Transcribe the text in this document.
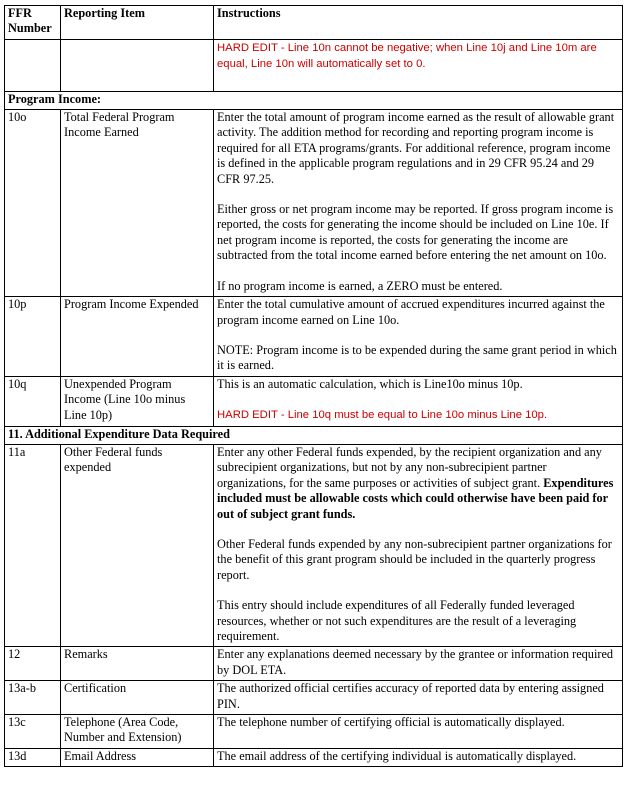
FFR Number	Reporting Item	Instructions

		HARD EDIT - Line 10n cannot be negative; when Line 10j and Line 10m are equal, Line 10n will automatically set to 0.

Program Income:		
10o	Total Federal Program Income Earned	Enter the total amount of program income earned as the result of allowable grant activity. The addition method for recording and reporting program income is required for all ETA programs/grants. For additional reference, program income is defined in the applicable program regulations and in 29 CFR 95.24 and 29 CFR 97.25.

Either gross or net program income may be reported. If gross program income is reported, the costs for generating the income should be included on Line 10e. If net program income is reported, the costs for generating the income are subtracted from the total income earned before entering the net amount on 10o.

If no program income is earned, a ZERO must be entered.

10p	Program Income Expended	Enter the total cumulative amount of accrued expenditures incurred against the program income earned on Line 10o.

NOTE: Program income is to be expended during the same grant period in which it is earned.

10q	Unexpended Program Income (Line 10o minus Line 10p)	This is an automatic calculation, which is Line10o minus 10p.

HARD EDIT - Line 10q must be equal to Line 10o minus Line 10p.

11. Additional Expenditure Data Required		
11a	Other Federal funds expended	Enter any other Federal funds expended, by the recipient organization and any subrecipient organizations, but not by any non-subrecipient partner organizations, for the same purposes or activities of subject grant. Expenditures included must be allowable costs which could otherwise have been paid for out of subject grant funds.

Other Federal funds expended by any non-subrecipient partner organizations for the benefit of this grant program should be included in the quarterly progress report.

This entry should include expenditures of all Federally funded leveraged resources, whether or not such expenditures are the result of a leveraging requirement.

12	Remarks	Enter any explanations deemed necessary by the grantee or information required by DOL ETA.

13a-b	Certification	The authorized official certifies accuracy of reported data by entering assigned PIN.

13c	Telephone (Area Code, Number and Extension)	The telephone number of certifying official is automatically displayed.

13d	Email Address	The email address of the certifying individual is automatically displayed.
